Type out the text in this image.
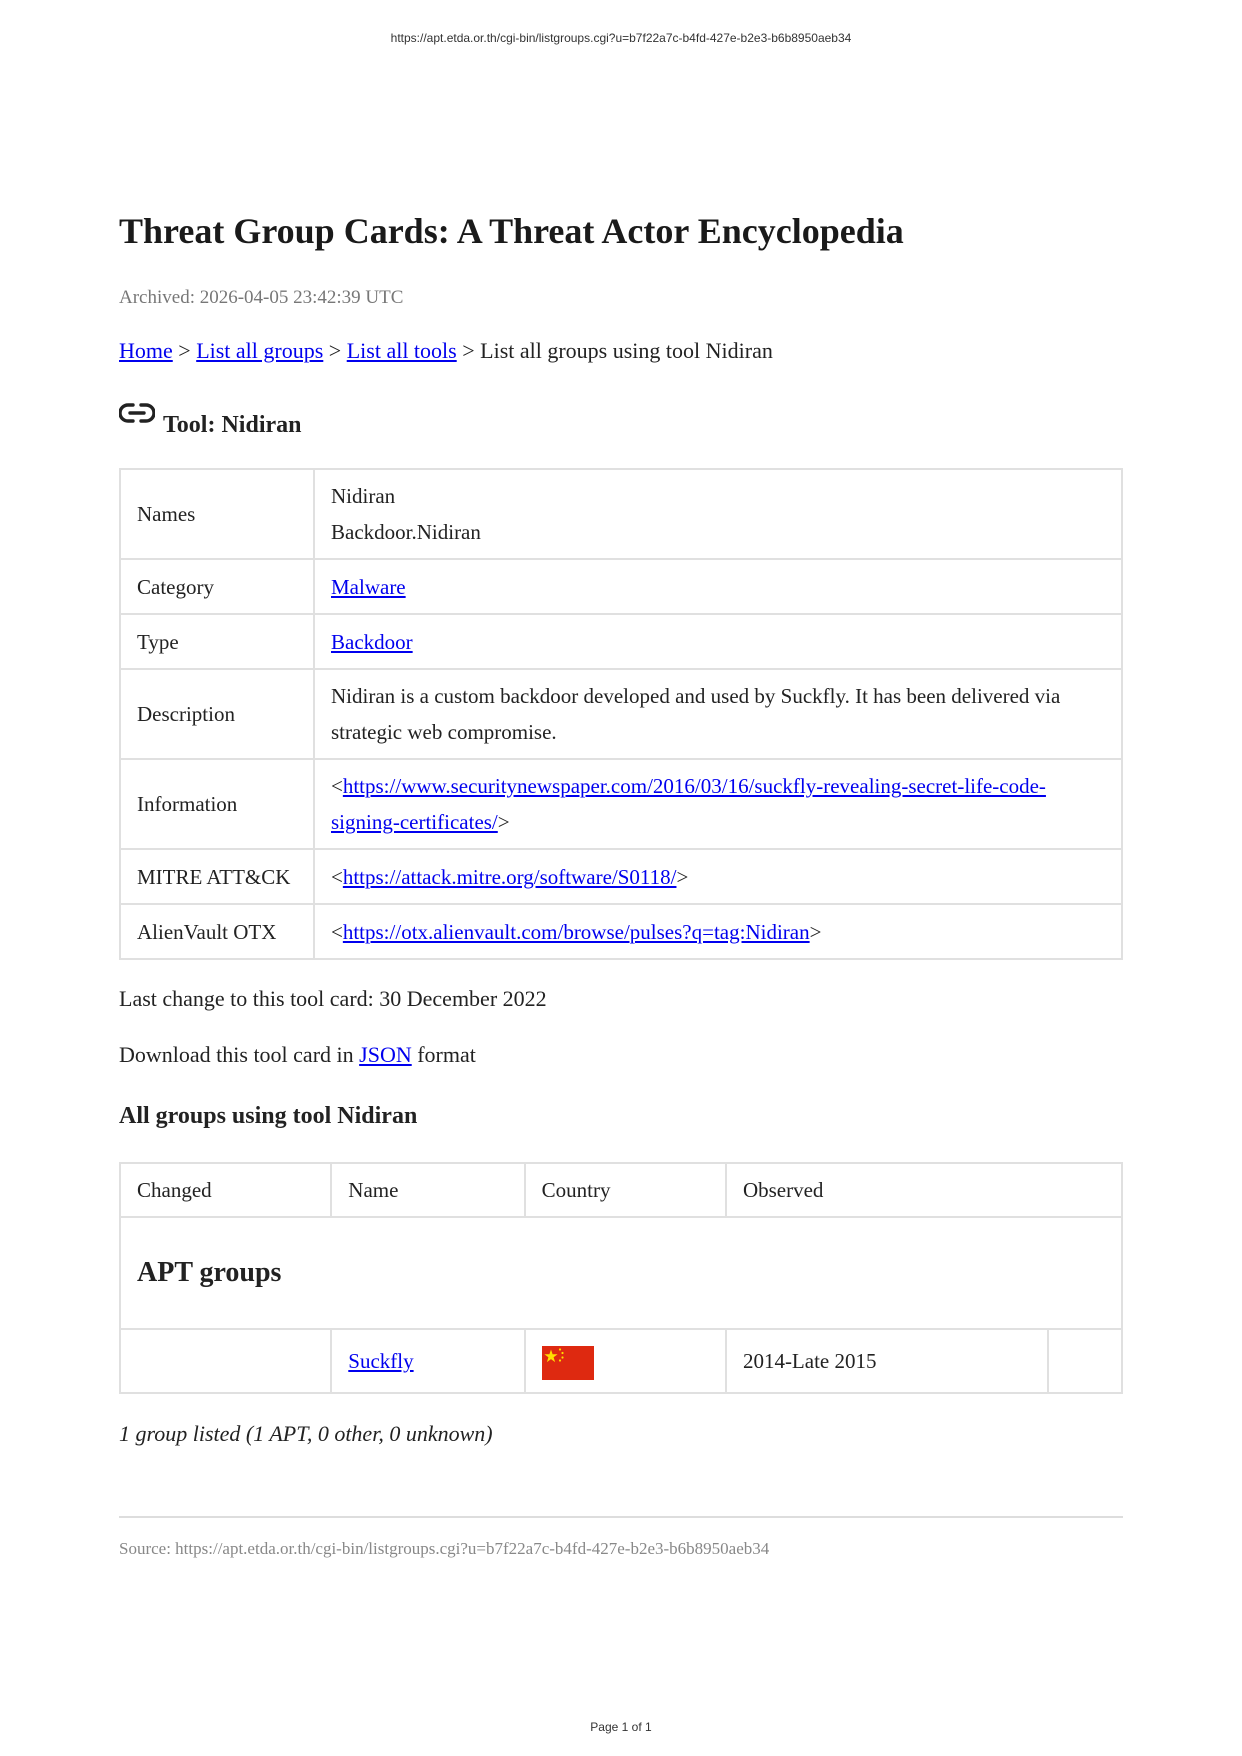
https://apt.etda.or.th/cgi-bin/listgroups.cgi?u=b7f22a7c-b4fd-427e-b2e3-b6b8950aeb34
Threat Group Cards: A Threat Actor Encyclopedia
Archived: 2026-04-05 23:42:39 UTC
Home > List all groups > List all tools > List all groups using tool Nidiran
Tool: Nidiran
Names	Nidiran
Backdoor.Nidiran

Category	Malware
Type	Backdoor
Description	Nidiran is a custom backdoor developed and used by Suckfly. It has been delivered via strategic web compromise.
Information	<https://www.securitynewspaper.com/2016/03/16/suckfly-revealing-secret-life-code-signing-certificates/>
MITRE ATT&CK	<https://attack.mitre.org/software/S0118/>
AlienVault OTX	<https://otx.alienvault.com/browse/pulses?q=tag:Nidiran>
Last change to this tool card: 30 December 2022
Download this tool card in JSON format
All groups using tool Nidiran
Changed	Name	Country	Observed	
APT groups				
	Suckfly		2014-Late 2015	
1 group listed (1 APT, 0 other, 0 unknown)
Source: https://apt.etda.or.th/cgi-bin/listgroups.cgi?u=b7f22a7c-b4fd-427e-b2e3-b6b8950aeb34
Page 1 of 1
